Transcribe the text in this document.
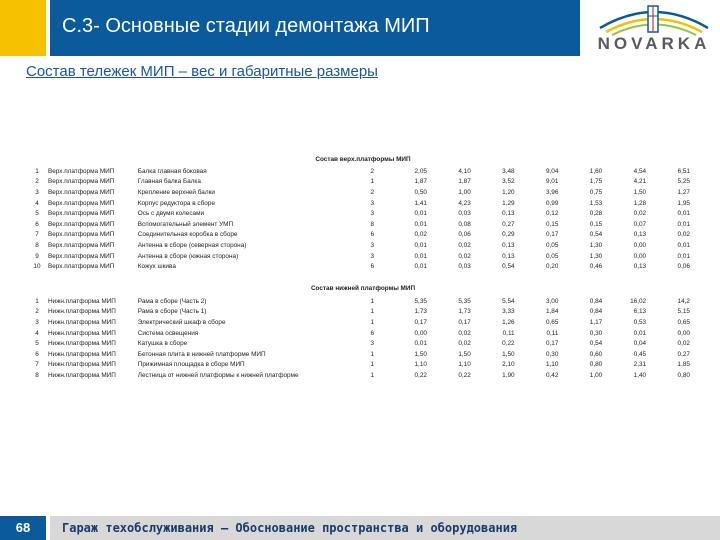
С.3- Основные стадии демонтажа МИП
NOVARKA
Состав тележек МИП – вес и габаритные размеры
Состав верх.платформы МИП										
1	Верх.платформа МИП	Балка главная боковая	2	2,05	4,10	3,48	9,04	1,60	4,54	6,51
2	Верх.платформа МИП	Главная балка Балка	1	1,87	1,87	3,52	9,01	1,75	4,21	5,25
3	Верх.платформа МИП	Крепление верхней балки	2	0,50	1,00	1,20	3,96	0,75	1,50	1,27
4	Верх.платформа МИП	Корпус редуктора в сборе	3	1,41	4,23	1,29	0,99	1,53	1,28	1,95
5	Верх.платформа МИП	Ось с двумя колесами	3	0,01	0,03	0,13	0,12	0,28	0,02	0,01
6	Верх.платформа МИП	Вспомогательный элемент УМП	8	0,01	0,08	0,27	0,15	0,15	0,07	0,01
7	Верх.платформа МИП	Соединительная коробка в сборе	6	0,02	0,06	0,29	0,17	0,54	0,13	0,02
8	Верх.платформа МИП	Антенна в сборе (северная сторона)	3	0,01	0,02	0,13	0,05	1,30	0,00	0,01
9	Верх.платформа МИП	Антенна в сборе (южная сторона)	3	0,01	0,02	0,13	0,05	1,30	0,00	0,01
10	Верх.платформа МИП	Кожух шкива	6	0,01	0,03	0,54	0,20	0,46	0,13	0,06

Состав нижней платформы МИП										
1	Нижн.платформа МИП	Рама в сборе (Часть 2)	1	5,35	5,35	5,54	3,00	0,84	16,02	14,2
2	Нижн.платформа МИП	Рама в сборе (Часть 1)	1	1,73	1,73	3,33	1,84	0,84	6,13	5,15
3	Нижн.платформа МИП	Электрический шкаф в сборе	1	0,17	0,17	1,26	0,65	1,17	0,53	0,65
4	Нижн.платформа МИП	Система освещения	6	0,00	0,02	0,11	0,11	0,30	0,01	0,00
5	Нижн.платформа МИП	Катушка в сборе	3	0,01	0,02	0,22	0,17	0,54	0,04	0,02
6	Нижн.платформа МИП	Бетонная плита в нижней платформе МИП	1	1,50	1,50	1,50	0,30	0,60	0,45	0,27
7	Нижн.платформа МИП	Прижимная площадка в сборе МИП	1	1,10	1,10	2,10	1,10	0,80	2,31	1,85
8	Нижн.платформа МИП	Лестница от нижней платформы к нижней платформе	1	0,22	0,22	1,90	0,42	1,00	1,40	0,80
68	Гараж техобслуживания – Обоснование пространства и оборудования
